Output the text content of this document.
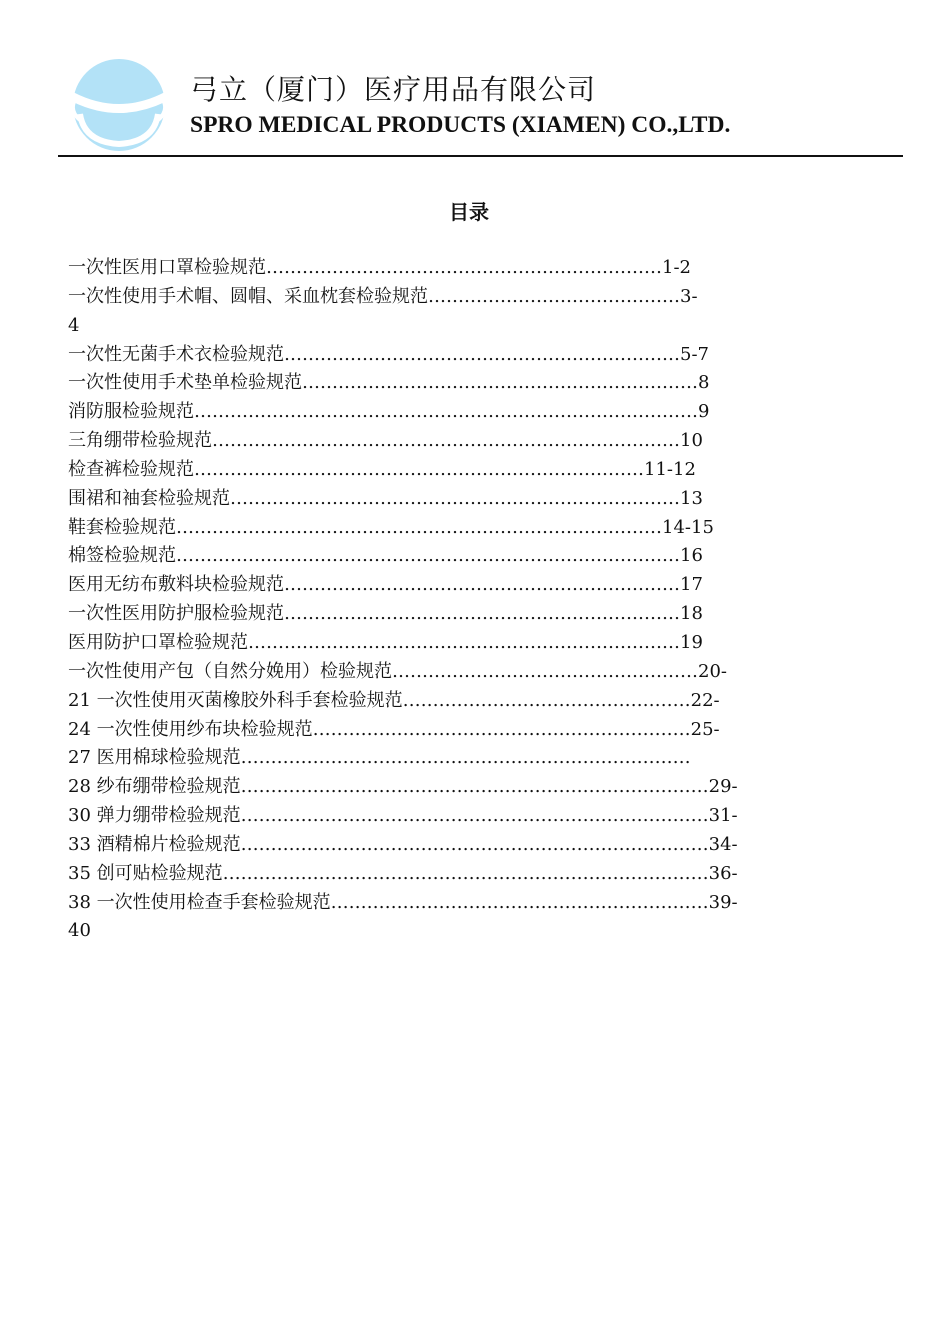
弓立（厦门）医疗用品有限公司
SPRO MEDICAL PRODUCTS (XIAMEN) CO.,LTD.
目录
一次性医用口罩检验规范…………………………………………………………1-2
一次性使用手术帽、圆帽、采血枕套检验规范……………………………………3-
4
一次性无菌手术衣检验规范…………………………………………………………5-7
一次性使用手术垫单检验规范…………………………………………………………8
消防服检验规范…………………………………………………………………………9
三角绷带检验规范……………………………………………………………………10
检查裤检验规范…………………………………………………………………11-12
围裙和袖套检验规范…………………………………………………………………13
鞋套检验规范………………………………………………………………………14-15
棉签检验规范…………………………………………………………………………16
医用无纺布敷料块检验规范…………………………………………………………17
一次性医用防护服检验规范…………………………………………………………18
医用防护口罩检验规范………………………………………………………………19
一次性使用产包（自然分娩用）检验规范……………………………………………20-
21 一次性使用灭菌橡胶外科手套检验规范…………………………………………22-
24 一次性使用纱布块检验规范………………………………………………………25-
27 医用棉球检验规范…………………………………………………………………
28 纱布绷带检验规范……………………………………………………………………29-
30 弹力绷带检验规范……………………………………………………………………31-
33 酒精棉片检验规范……………………………………………………………………34-
35 创可贴检验规范………………………………………………………………………36-
38 一次性使用检查手套检验规范………………………………………………………39-
40
